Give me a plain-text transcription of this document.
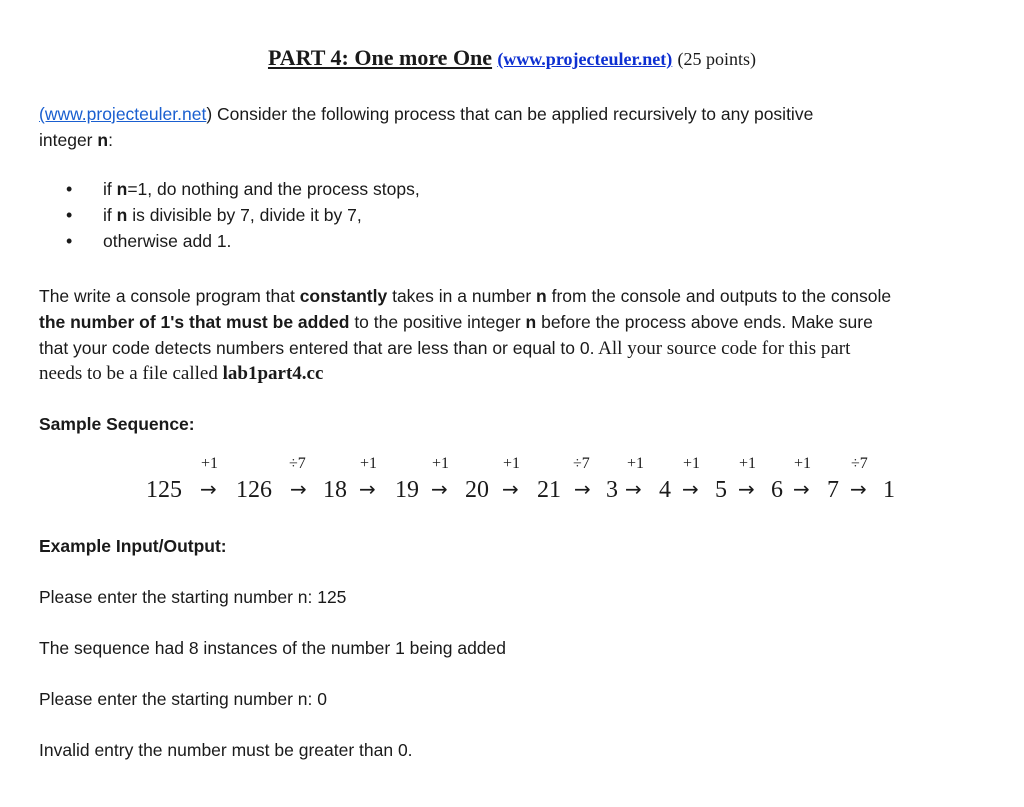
PART 4: One more One (www.projecteuler.net) (25 points)
(www.projecteuler.net) Consider the following process that can be applied recursively to any positive
integer n:
• if n=1, do nothing and the process stops,
• if n is divisible by 7, divide it by 7,
• otherwise add 1.
The write a console program that constantly takes in a number n from the console and outputs to the console
the number of 1's that must be added to the positive integer n before the process above ends. Make sure
that your code detects numbers entered that are less than or equal to 0. All your source code for this part
needs to be a file called lab1part4.cc
Sample Sequence:
125
+1
→ 126
÷7
→ 18
+1
→ 19
+1
→ 20
+1
→ 21
÷7
→ 3
+1
→ 4
+1
→ 5
+1
→ 6
+1
→ 7
÷7
→ 1
Example Input/Output:
Please enter the starting number n: 125
The sequence had 8 instances of the number 1 being added
Please enter the starting number n: 0
Invalid entry the number must be greater than 0.
